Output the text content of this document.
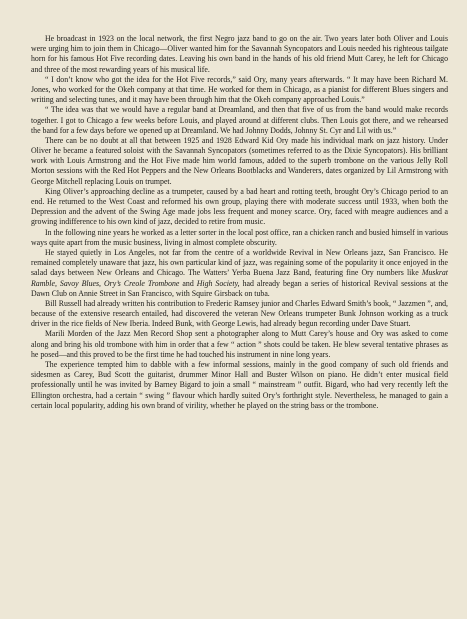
He broadcast in 1923 on the local network, the first Negro jazz band to go on the air. Two years later both Oliver and Louis were urging him to join them in Chicago—Oliver wanted him for the Savannah Syncopators and Louis needed his righteous tailgate horn for his famous Hot Five recording dates. Leaving his own band in the hands of his old friend Mutt Carey, he left for Chicago and three of the most rewarding years of his musical life.

“ I don’t know who got the idea for the Hot Five records,” said Ory, many years afterwards. “ It may have been Richard M. Jones, who worked for the Okeh company at that time. He worked for them in Chicago, as a pianist for different Blues singers and writing and selecting tunes, and it may have been through him that the Okeh company approached Louis.”

“ The idea was that we would have a regular band at Dreamland, and then that five of us from the band would make records together. I got to Chicago a few weeks before Louis, and played around at different clubs. Then Louis got there, and we rehearsed the band for a few days before we opened up at Dreamland. We had Johnny Dodds, Johnny St. Cyr and Lil with us.”

There can be no doubt at all that between 1925 and 1928 Edward Kid Ory made his individual mark on jazz history. Under Oliver he became a featured soloist with the Savannah Syncopators (sometimes referred to as the Dixie Syncopators). His brilliant work with Louis Armstrong and the Hot Five made him world famous, added to the superb trombone on the various Jelly Roll Morton sessions with the Red Hot Peppers and the New Orleans Bootblacks and Wanderers, dates organized by Lil Armstrong with George Mitchell replacing Louis on trumpet.

King Oliver’s approaching decline as a trumpeter, caused by a bad heart and rotting teeth, brought Ory’s Chicago period to an end. He returned to the West Coast and reformed his own group, playing there with moderate success until 1933, when both the Depression and the advent of the Swing Age made jobs less frequent and money scarce. Ory, faced with meagre audiences and a growing indifference to his own kind of jazz, decided to retire from music.

In the following nine years he worked as a letter sorter in the local post office, ran a chicken ranch and busied himself in various ways quite apart from the music business, living in almost complete obscurity.

He stayed quietly in Los Angeles, not far from the centre of a worldwide Revival in New Orleans jazz, San Francisco. He remained completely unaware that jazz, his own particular kind of jazz, was regaining some of the popularity it once enjoyed in the salad days between New Orleans and Chicago. The Watters’ Yerba Buena Jazz Band, featuring fine Ory numbers like Muskrat Ramble, Savoy Blues, Ory’s Creole Trombone and High Society, had already began a series of historical Revival sessions at the Dawn Club on Annie Street in San Francisco, with Squire Girsback on tuba.

Bill Russell had already written his contribution to Frederic Ramsey junior and Charles Edward Smith’s book, “ Jazzmen ”, and, because of the extensive research entailed, had discovered the veteran New Orleans trumpeter Bunk Johnson working as a truck driver in the rice fields of New Iberia. Indeed Bunk, with George Lewis, had already begun recording under Dave Stuart.

Marili Morden of the Jazz Men Record Shop sent a photographer along to Mutt Carey’s house and Ory was asked to come along and bring his old trombone with him in order that a few “ action ” shots could be taken. He blew several tentative phrases as he posed—and this proved to be the first time he had touched his instrument in nine long years.

The experience tempted him to dabble with a few informal sessions, mainly in the good company of such old friends and sidesmen as Carey, Bud Scott the guitarist, drummer Minor Hall and Buster Wilson on piano. He didn’t enter musical field professionally until he was invited by Barney Bigard to join a small “ mainstream ” outfit. Bigard, who had very recently left the Ellington orchestra, had a certain “ swing ” flavour which hardly suited Ory’s forthright style. Nevertheless, he managed to gain a certain local popularity, adding his own brand of virility, whether he played on the string bass or the trombone.
